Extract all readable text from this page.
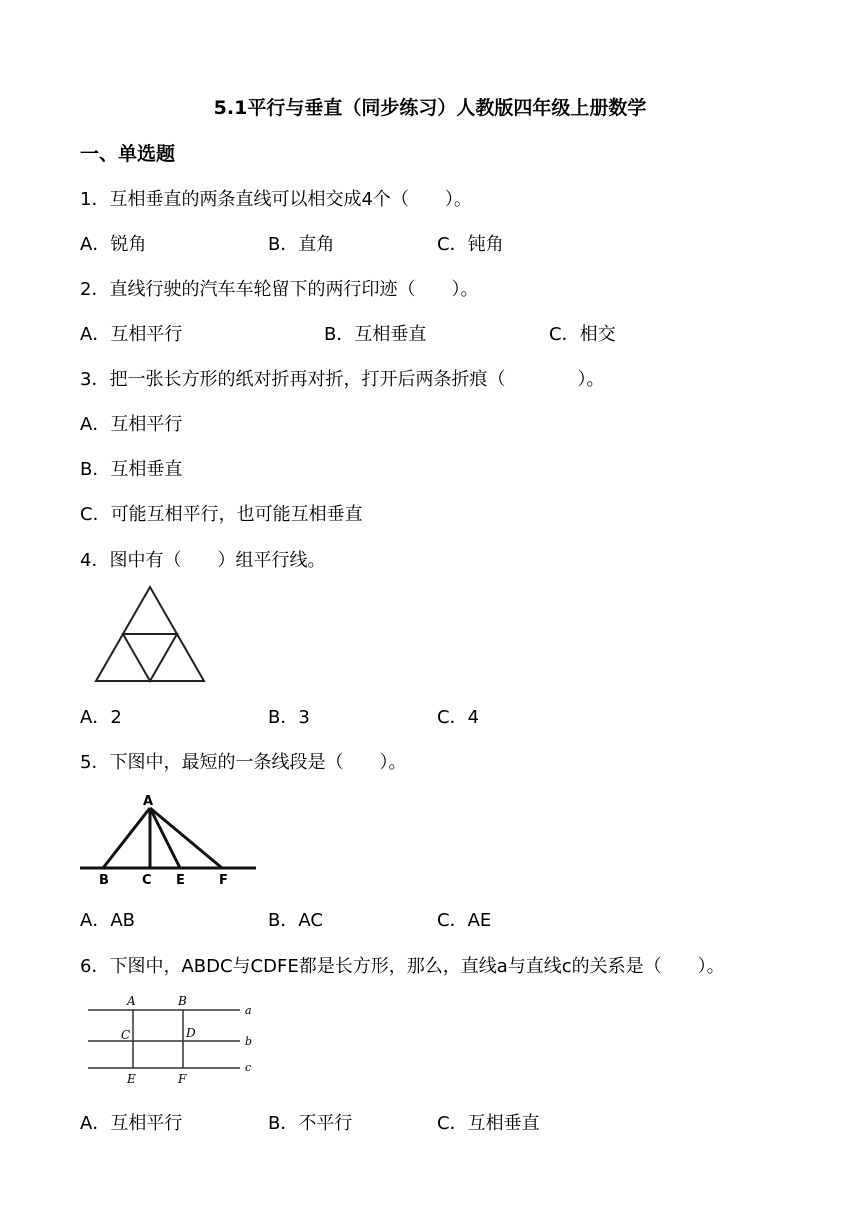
5.1平行与垂直（同步练习）人教版四年级上册数学
一、单选题
1．互相垂直的两条直线可以相交成4个（　　）。
A．锐角	B．直角	C．钝角
2．直线行驶的汽车车轮留下的两行印迹（　　）。
A．互相平行	B．互相垂直	C．相交
3．把一张长方形的纸对折再对折，打开后两条折痕（　　　　）。
A．互相平行
B．互相垂直
C．可能互相平行，也可能互相垂直
4．图中有（　　）组平行线。
A．2	B．3	C．4
5．下图中，最短的一条线段是（　　）。
A
B	C E	F
A．AB	B．AC	C．AE
6．下图中，ABDC与CDFE都是长方形，那么，直线a与直线c的关系是（　　）。
A	B
C	D
E	F
a
b
c
A．互相平行	B．不平行	C．互相垂直
